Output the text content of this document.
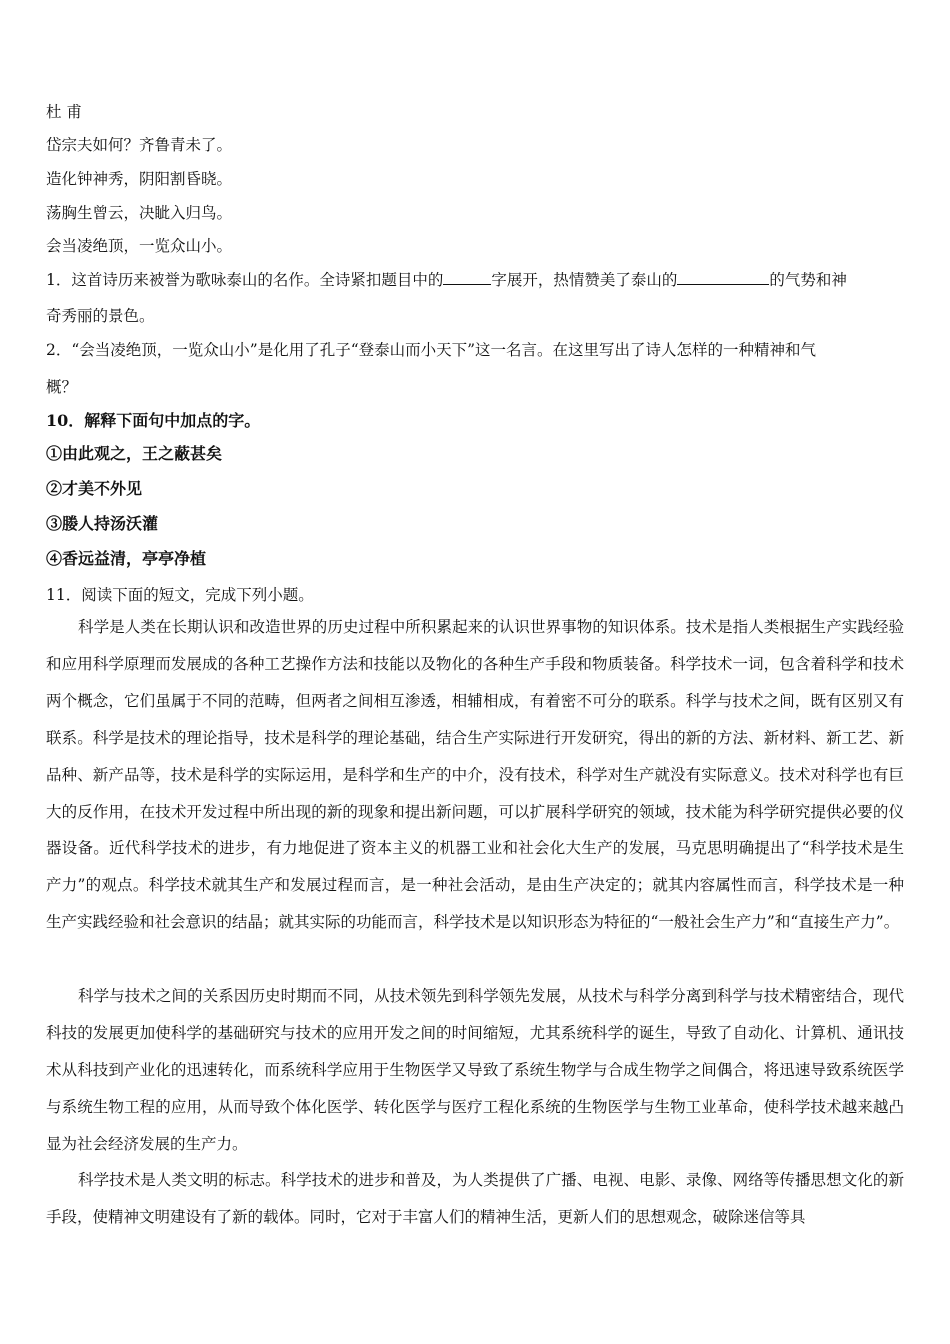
杜 甫
岱宗夫如何？齐鲁青未了。
造化钟神秀，阴阳割昏晓。
荡胸生曾云，决眦入归鸟。
会当凌绝顶，一览众山小。
1．这首诗历来被誉为歌咏泰山的名作。全诗紧扣题目中的	字展开，热情赞美了泰山的	的气势和神
奇秀丽的景色。
2．“会当凌绝顶，一览众山小”是化用了孔子“登泰山而小天下”这一名言。在这里写出了诗人怎样的一种精神和气
概？
10．解释下面句中加点的字。
①由此观之，王之蔽甚矣
②才美不外见
③媵人持汤沃灌
④香远益清，亭亭净植
11．阅读下面的短文，完成下列小题。
科学是人类在长期认识和改造世界的历史过程中所积累起来的认识世界事物的知识体系。技术是指人类根据生产实践经验和应用科学原理而发展成的各种工艺操作方法和技能以及物化的各种生产手段和物质装备。科学技术一词，包含着科学和技术两个概念，它们虽属于不同的范畴，但两者之间相互渗透，相辅相成，有着密不可分的联系。科学与技术之间，既有区别又有联系。科学是技术的理论指导，技术是科学的理论基础，结合生产实际进行开发研究，得出的新的方法、新材料、新工艺、新品种、新产品等，技术是科学的实际运用，是科学和生产的中介，没有技术，科学对生产就没有实际意义。技术对科学也有巨大的反作用，在技术开发过程中所出现的新的现象和提出新问题，可以扩展科学研究的领域，技术能为科学研究提供必要的仪器设备。近代科学技术的进步，有力地促进了资本主义的机器工业和社会化大生产的发展，马克思明确提出了“科学技术是生产力”的观点。科学技术就其生产和发展过程而言，是一种社会活动，是由生产决定的；就其内容属性而言，科学技术是一种生产实践经验和社会意识的结晶；就其实际的功能而言，科学技术是以知识形态为特征的“一般社会生产力”和“直接生产力”。
科学与技术之间的关系因历史时期而不同，从技术领先到科学领先发展，从技术与科学分离到科学与技术精密结合，现代科技的发展更加使科学的基础研究与技术的应用开发之间的时间缩短，尤其系统科学的诞生，导致了自动化、计算机、通讯技术从科技到产业化的迅速转化，而系统科学应用于生物医学又导致了系统生物学与合成生物学之间偶合，将迅速导致系统医学与系统生物工程的应用，从而导致个体化医学、转化医学与医疗工程化系统的生物医学与生物工业革命，使科学技术越来越凸显为社会经济发展的生产力。
科学技术是人类文明的标志。科学技术的进步和普及，为人类提供了广播、电视、电影、录像、网络等传播思想文化的新手段，使精神文明建设有了新的载体。同时，它对于丰富人们的精神生活，更新人们的思想观念，破除迷信等具
